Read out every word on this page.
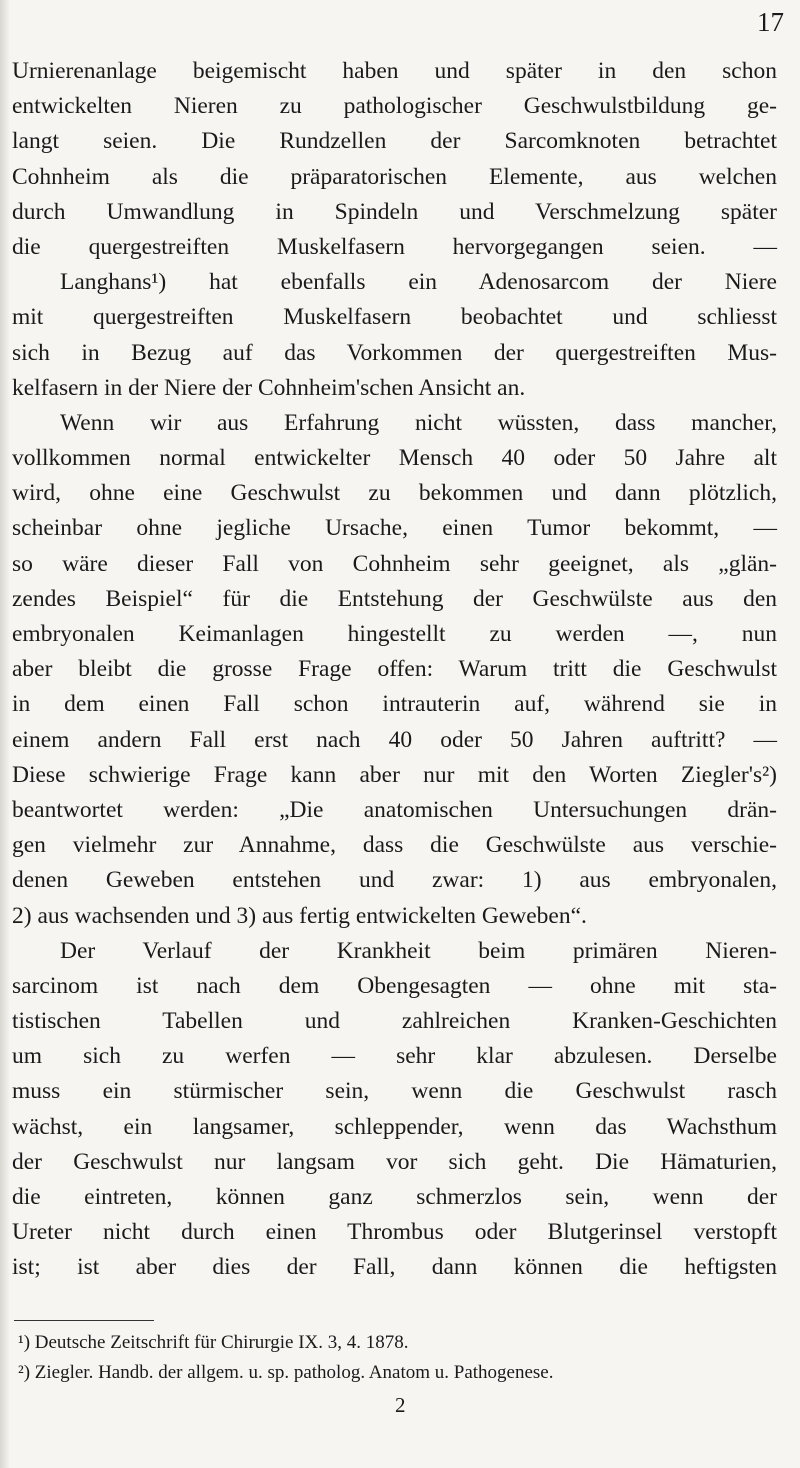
17
Urnierenanlage beigemischt haben und später in den schon
entwickelten Nieren zu pathologischer Geschwulstbildung ge-
langt seien. Die Rundzellen der Sarcomknoten betrachtet
Cohnheim als die präparatorischen Elemente, aus welchen
durch Umwandlung in Spindeln und Verschmelzung später
die quergestreiften Muskelfasern hervorgegangen seien. —
Langhans¹) hat ebenfalls ein Adenosarcom der Niere
mit quergestreiften Muskelfasern beobachtet und schliesst
sich in Bezug auf das Vorkommen der quergestreiften Mus-
kelfasern in der Niere der Cohnheim'schen Ansicht an.
Wenn wir aus Erfahrung nicht wüssten, dass mancher,
vollkommen normal entwickelter Mensch 40 oder 50 Jahre alt
wird, ohne eine Geschwulst zu bekommen und dann plötzlich,
scheinbar ohne jegliche Ursache, einen Tumor bekommt, —
so wäre dieser Fall von Cohnheim sehr geeignet, als „glän-
zendes Beispiel“ für die Entstehung der Geschwülste aus den
embryonalen Keimanlagen hingestellt zu werden —, nun
aber bleibt die grosse Frage offen: Warum tritt die Geschwulst
in dem einen Fall schon intrauterin auf, während sie in
einem andern Fall erst nach 40 oder 50 Jahren auftritt? —
Diese schwierige Frage kann aber nur mit den Worten Ziegler's²)
beantwortet werden: „Die anatomischen Untersuchungen drän-
gen vielmehr zur Annahme, dass die Geschwülste aus verschie-
denen Geweben entstehen und zwar: 1) aus embryonalen,
2) aus wachsenden und 3) aus fertig entwickelten Geweben“.
Der Verlauf der Krankheit beim primären Nieren-
sarcinom ist nach dem Obengesagten — ohne mit sta-
tistischen Tabellen und zahlreichen Kranken-Geschichten
um sich zu werfen — sehr klar abzulesen. Derselbe
muss ein stürmischer sein, wenn die Geschwulst rasch
wächst, ein langsamer, schleppender, wenn das Wachsthum
der Geschwulst nur langsam vor sich geht. Die Hämaturien,
die eintreten, können ganz schmerzlos sein, wenn der
Ureter nicht durch einen Thrombus oder Blutgerinsel verstopft
ist; ist aber dies der Fall, dann können die heftigsten
¹) Deutsche Zeitschrift für Chirurgie IX. 3, 4. 1878.
²) Ziegler. Handb. der allgem. u. sp. patholog. Anatom u. Pathogenese.
2
